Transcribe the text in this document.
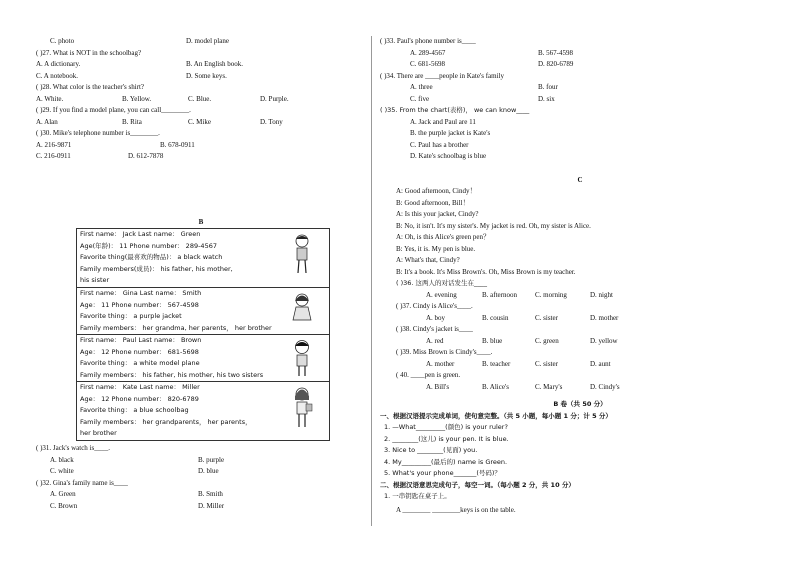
C. photo	D. model plane
( )27. What is NOT in the schoolbag?
A. A dictionary.	B. An English book.
C. A notebook.	D. Some keys.
( )28. What color is the teacher's shirt?
A. White.	B. Yellow.	C. Blue.	D. Purple.
( )29. If you find a model plane, you can call________.
A. Alan	B. Rita	C. Mike	D. Tony
( )30. Mike's telephone number is________.
A. 216-9871	B. 678-0911
C. 216-0911	D. 612-7878
B
First name： Jack Last name： Green
Age(年龄)： 11 Phone number： 289-4567
Favorite thing(最喜欢的物品)： a black watch
Family members(成员)： his father, his mother,
his sister
First name： Gina Last name： Smith
Age： 11 Phone number： 567-4598
Favorite thing： a purple jacket
Family members： her grandma, her parents， her brother
First name： Paul Last name： Brown
Age： 12 Phone number： 681-5698
Favorite thing： a white model plane
Family members： his father, his mother, his two sisters
First name： Kate Last name： Miller
Age： 12 Phone number： 820-6789
Favorite thing： a blue schoolbag
Family members： her grandparents， her parents，
her brother
( )31. Jack's watch is____.
A. black	B. purple
C. white	D. blue
( )32. Gina's family name is____
A. Green	B. Smith
C. Brown	D. Miller
( )33. Paul's phone number is____
A. 289-4567	B. 567-4598
C. 681-5698	D. 820-6789
( )34. There are ____people in Kate's family
A. three	B. four
C. five	D. six
( )35. From the chart(表格)， we can know____
A. Jack and Paul are 11
B. the purple jacket is Kate's
C. Paul has a brother
D. Kate's schoolbag is blue
C
A: Good afternoon, Cindy！
B: Good afternoon, Bill！
A: Is this your jacket, Cindy?
B: No, it isn't. It's my sister's. My jacket is red. Oh, my sister is Alice.
A: Oh, is this Alice's green pen？
B: Yes, it is. My pen is blue.
A: What's that, Cindy?
B: It's a book. It's Miss Brown's. Oh, Miss Brown is my teacher.
( )36. 这两人的对话发生在____
A. evening	B. afternoon	C. morning	D. night
( )37. Cindy is Alice's____.
A. boy	B. cousin	C. sister	D. mother
( )38. Cindy's jacket is____
A. red	B. blue	C. green	D. yellow
( )39. Miss Brown is Cindy's____.
A. mother	B. teacher	C. sister	D. aunt
( 40. ____pen is green.
A. Bill's	B. Alice's	C. Mary's	D. Cindy's
B 卷（共 50 分）
一、根据汉语提示完成单词，使句意完整。（共 5 小题，每小题 1 分；计 5 分）
1. —What_________(颜色) is your ruler?
2. ________(这儿) is your pen. It is blue.
3. Nice to ________(见面) you.
4. My_________(最后的) name is Green.
5. What's your phone_______(号码)？
二、根据汉语意思完成句子，每空一词。（每小题 2 分，共 10 分）
1. 一串钥匙在桌子上。
A ________ ________keys is on the table.
